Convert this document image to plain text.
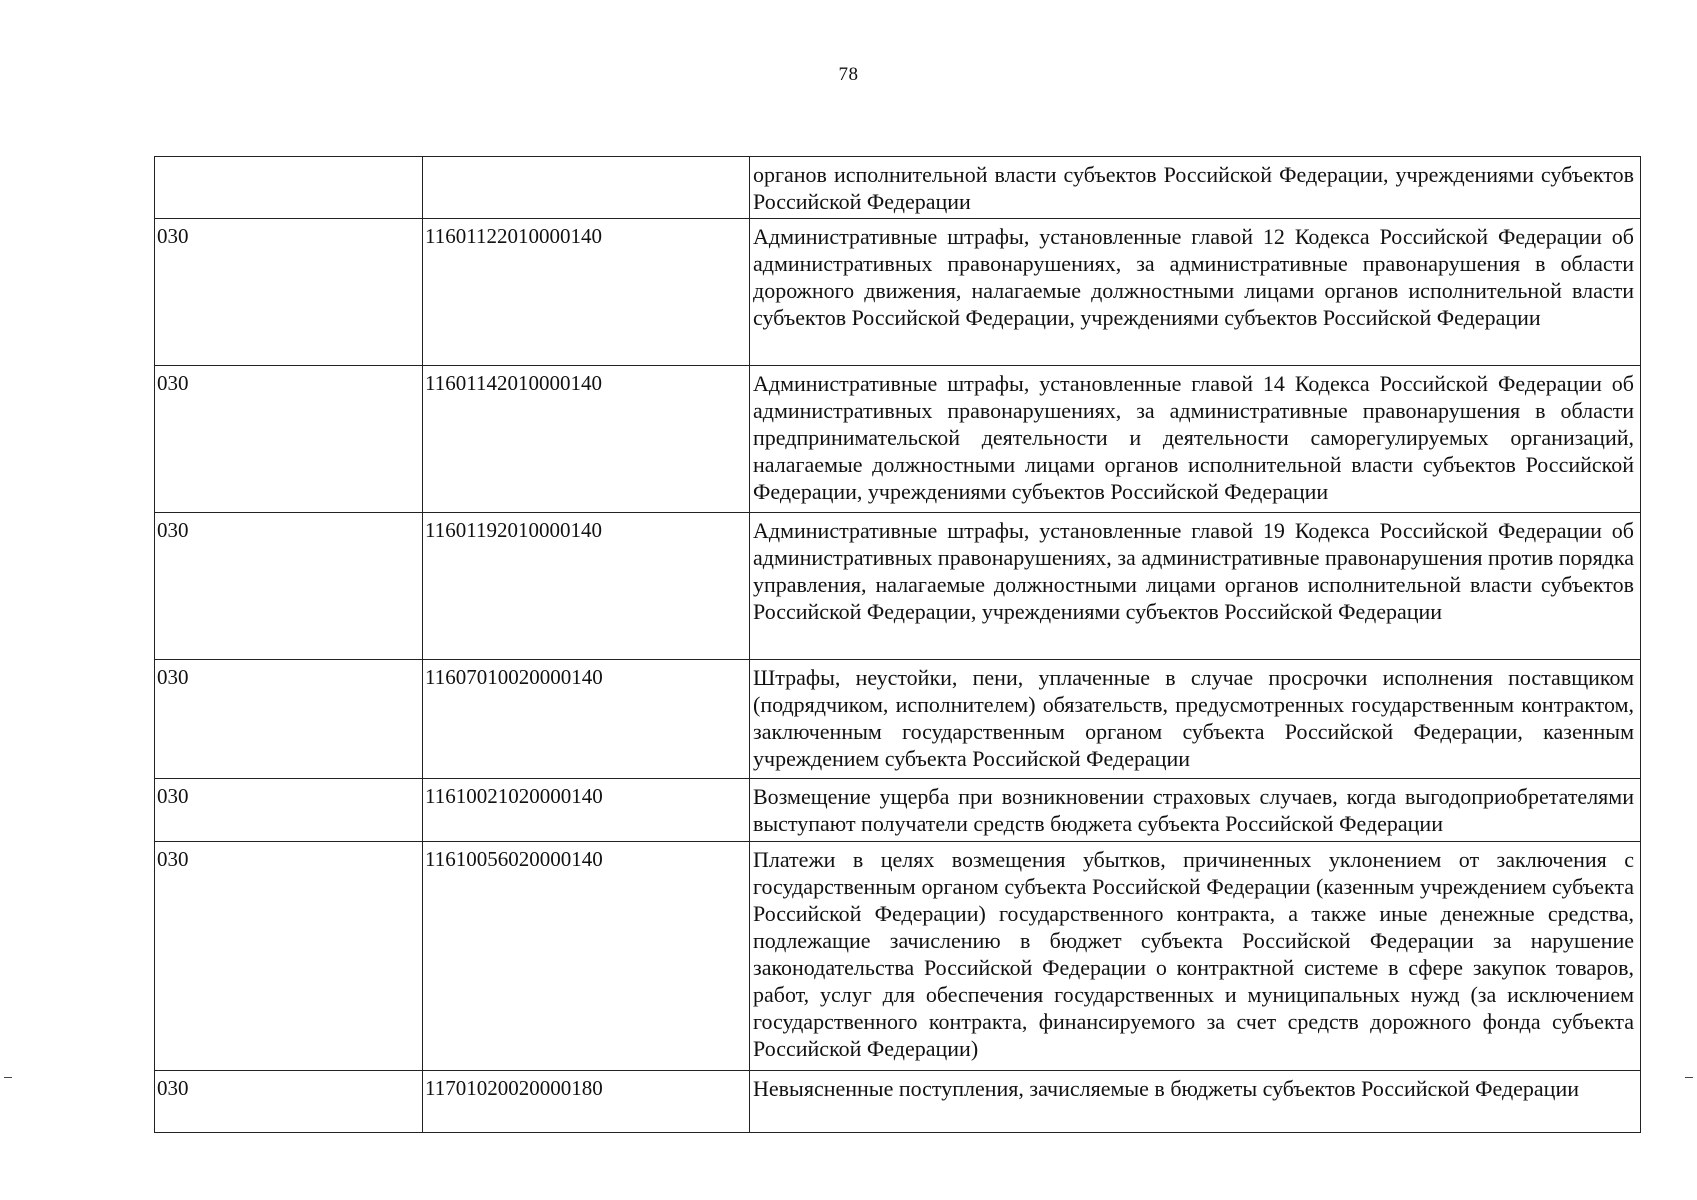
78
		органов исполнительной власти субъектов Российской Федерации, учреждениями субъектов Российской Федерации
030	11601122010000140	Административные штрафы, установленные главой 12 Кодекса Российской Федерации об административных правонарушениях, за административные правонарушения в области дорожного движения, налагаемые должностными лицами органов исполнительной власти субъектов Российской Федерации, учреждениями субъектов Российской Федерации
030	11601142010000140	Административные штрафы, установленные главой 14 Кодекса Российской Федерации об административных правонарушениях, за административные правонарушения в области предпринимательской деятельности и деятельности саморегулируемых организаций, налагаемые должностными лицами органов исполнительной власти субъектов Российской Федерации, учреждениями субъектов Российской Федерации
030	11601192010000140	Административные штрафы, установленные главой 19 Кодекса Российской Федерации об административных правонарушениях, за административные правонарушения против порядка управления, налагаемые должностными лицами органов исполнительной власти субъектов Российской Федерации, учреждениями субъектов Российской Федерации
030	11607010020000140	Штрафы, неустойки, пени, уплаченные в случае просрочки исполнения поставщиком (подрядчиком, исполнителем) обязательств, предусмотренных государственным контрактом, заключенным государственным органом субъекта Российской Федерации, казенным учреждением субъекта Российской Федерации
030	11610021020000140	Возмещение ущерба при возникновении страховых случаев, когда выгодоприобретателями выступают получатели средств бюджета субъекта Российской Федерации
030	11610056020000140	Платежи в целях возмещения убытков, причиненных уклонением от заключения с государственным органом субъекта Российской Федерации (казенным учреждением субъекта Российской Федерации) государственного контракта, а также иные денежные средства, подлежащие зачислению в бюджет субъекта Российской Федерации за нарушение законодательства Российской Федерации о контрактной системе в сфере закупок товаров, работ, услуг для обеспечения государственных и муниципальных нужд (за исключением государственного контракта, финансируемого за счет средств дорожного фонда субъекта Российской Федерации)
030	11701020020000180	Невыясненные поступления, зачисляемые в бюджеты субъектов Российской Федерации
